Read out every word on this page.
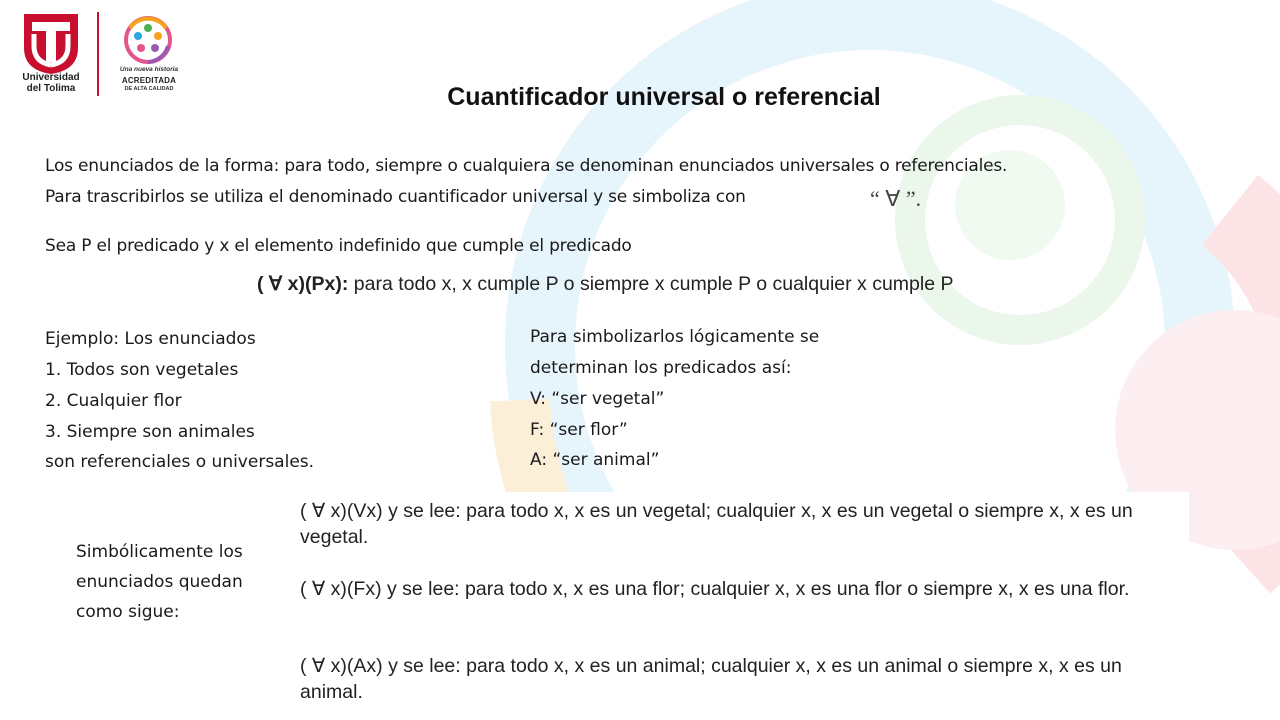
Universidad
del Tolima
Una nueva historia
ACREDITADA
DE ALTA CALIDAD	Cuantificador universal o referencial
Los enunciados de la forma: para todo, siempre o cualquiera se denominan enunciados universales o referenciales.
Para trascribirlos se utiliza el denominado cuantificador universal y se simboliza con	“ ∀ ”.
Sea P el predicado y x el elemento indefinido que cumple el predicado
( ∀ x)(Px): para todo x, x cumple P o siempre x cumple P o cualquier x cumple P
Ejemplo: Los enunciados
1. Todos son vegetales
2. Cualquier flor
3. Siempre son animales
son referenciales o universales.
Para simbolizarlos lógicamente se
determinan los predicados así:
V: “ser vegetal”
F: “ser flor”
A: “ser animal”
Simbólicamente los
enunciados quedan
como sigue:
( ∀ x)(Vx) y se lee: para todo x, x es un vegetal; cualquier x, x es un vegetal o siempre x, x es un vegetal.
( ∀ x)(Fx) y se lee: para todo x, x es una flor; cualquier x, x es una flor o siempre x, x es una flor.
( ∀ x)(Ax) y se lee: para todo x, x es un animal; cualquier x, x es un animal o siempre x, x es un animal.
